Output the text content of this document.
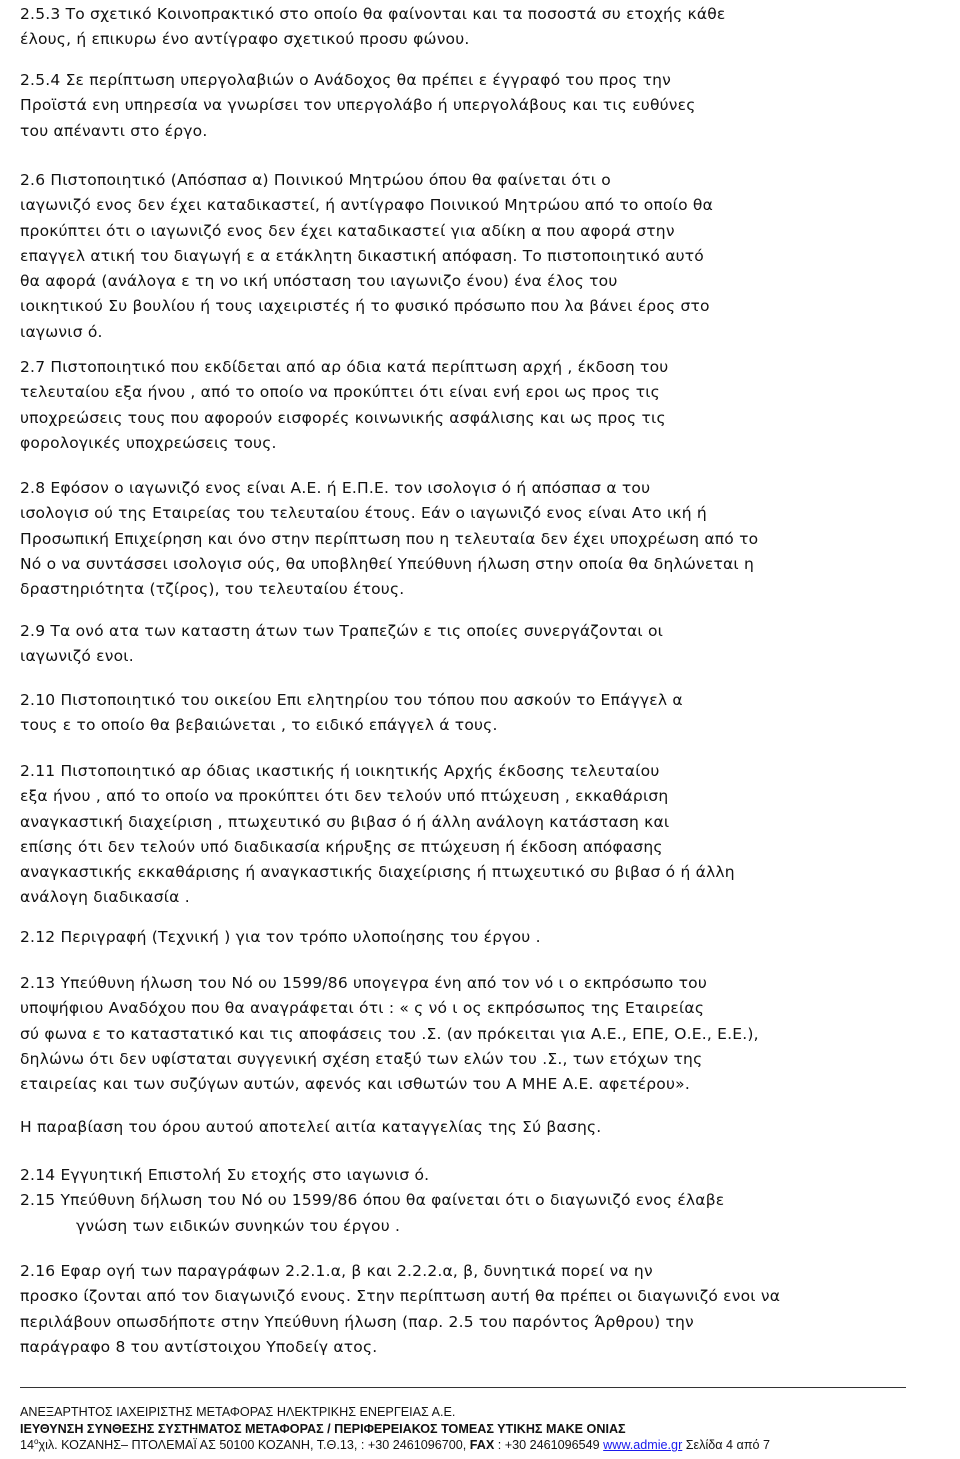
2.5.3 Το σχετικό Κοινοπρακτικό στο οποίο θα φαίνονται και τα ποσοστά συ ετοχής κάθε
έλους, ή επικυρω ένο αντίγραφο σχετικού προσυ φώνου.
2.5.4 Σε περίπτωση υπεργολαβιών ο Ανάδοχος θα πρέπει ε έγγραφό του προς την
Προϊστά ενη υπηρεσία να γνωρίσει τον υπεργολάβο ή υπεργολάβους και τις ευθύνες
του απέναντι στο έργο.
2.6 Πιστοποιητικό (Απόσπασ α) Ποινικού Μητρώου όπου θα φαίνεται ότι ο
ιαγωνιζό ενος δεν έχει καταδικαστεί, ή αντίγραφο Ποινικού Μητρώου από το οποίο θα
προκύπτει ότι ο ιαγωνιζό ενος δεν έχει καταδικαστεί για αδίκη α που αφορά στην
επαγγελ ατική του διαγωγή ε α ετάκλητη δικαστική απόφαση. Το πιστοποιητικό αυτό
θα αφορά (ανάλογα ε τη νο ική υπόσταση του ιαγωνιζο ένου) ένα έλος του
ιοικητικού Συ βουλίου ή τους ιαχειριστές ή το φυσικό πρόσωπο που λα βάνει έρος στο
ιαγωνισ ό.
2.7 Πιστοποιητικό που εκδίδεται από αρ όδια κατά περίπτωση αρχή , έκδοση του
τελευταίου εξα ήνου , από το οποίο να προκύπτει ότι είναι ενή εροι ως προς τις
υποχρεώσεις τους που αφορούν εισφορές κοινωνικής ασφάλισης και ως προς τις
φορολογικές υποχρεώσεις τους.
2.8 Εφόσον ο ιαγωνιζό ενος είναι Α.Ε. ή Ε.Π.Ε. τον ισολογισ ό ή απόσπασ α του
ισολογισ ού της Εταιρείας του τελευταίου έτους. Εάν ο ιαγωνιζό ενος είναι Ατο ική ή
Προσωπική Επιχείρηση και όνο στην περίπτωση που η τελευταία δεν έχει υποχρέωση από το
Νό ο να συντάσσει ισολογισ ούς, θα υποβληθεί Υπεύθυνη ήλωση στην οποία θα δηλώνεται η
δραστηριότητα (τζίρος), του τελευταίου έτους.
2.9 Τα ονό ατα των καταστη άτων των Τραπεζών ε τις οποίες συνεργάζονται οι
ιαγωνιζό ενοι.
2.10 Πιστοποιητικό του οικείου Επι ελητηρίου του τόπου που ασκούν το Επάγγελ α
τους ε το οποίο θα βεβαιώνεται , το ειδικό επάγγελ ά τους.
2.11 Πιστοποιητικό αρ όδιας ικαστικής ή ιοικητικής Αρχής έκδοσης τελευταίου
εξα ήνου , από το οποίο να προκύπτει ότι δεν τελούν υπό πτώχευση , εκκαθάριση
αναγκαστική διαχείριση , πτωχευτικό συ βιβασ ό ή άλλη ανάλογη κατάσταση και
επίσης ότι δεν τελούν υπό διαδικασία κήρυξης σε πτώχευση ή έκδοση απόφασης
αναγκαστικής εκκαθάρισης ή αναγκαστικής διαχείρισης ή πτωχευτικό συ βιβασ ό ή άλλη
ανάλογη διαδικασία .
2.12 Περιγραφή (Τεχνική ) για τον τρόπο υλοποίησης του έργου .
2.13 Υπεύθυνη ήλωση του Νό ου 1599/86 υπογεγρα ένη από τον νό ι ο εκπρόσωπο του
υποψήφιου Αναδόχου που θα αναγράφεται ότι : « ς νό ι ος εκπρόσωπος της Εταιρείας
σύ φωνα ε το καταστατικό και τις αποφάσεις του .Σ. (αν πρόκειται για Α.Ε., ΕΠΕ, Ο.Ε., Ε.Ε.),
δηλώνω ότι δεν υφίσταται συγγενική σχέση εταξύ των ελών του .Σ., των ετόχων της
εταιρείας και των συζύγων αυτών, αφενός και ισθωτών του Α ΜΗΕ Α.Ε. αφετέρου».
Η παραβίαση του όρου αυτού αποτελεί αιτία καταγγελίας της Σύ βασης.
2.14 Εγγυητική Επιστολή Συ ετοχής στο ιαγωνισ ό.
2.15 Υπεύθυνη δήλωση του Νό ου 1599/86 όπου θα φαίνεται ότι ο διαγωνιζό ενος έλαβε
γνώση των ειδικών συνηκών του έργου .
2.16 Εφαρ ογή των παραγράφων 2.2.1.α, β και 2.2.2.α, β, δυνητικά πορεί να ην
προσκο ίζονται από τον διαγωνιζό ενους. Στην περίπτωση αυτή θα πρέπει οι διαγωνιζό ενοι να
περιλάβουν οπωσδήποτε στην Υπεύθυνη ήλωση (παρ. 2.5 του παρόντος Άρθρου) την
παράγραφο 8 του αντίστοιχου Υποδείγ ατος.
ΑΝΕΞΑΡΤΗΤΟΣ ΙΑΧΕΙΡΙΣΤΗΣ ΜΕΤΑΦΟΡΑΣ ΗΛΕΚΤΡΙΚΗΣ ΕΝΕΡΓΕΙΑΣ Α.Ε.
ΙΕΥΘΥΝΣΗ ΣΥΝΘΕΣΗΣ ΣΥΣΤΗΜΑΤΟΣ ΜΕΤΑΦΟΡΑΣ / ΠΕΡΙΦΕΡΕΙΑΚΟΣ ΤΟΜΕΑΣ ΥΤΙΚΗΣ ΜΑΚΕ ΟΝΙΑΣ
$14^o\chi\iota\lambda$. ΚΟΖΑΝΗΣ– ΠΤΟΛΕΜΑΪ ΑΣ 50100 ΚΟΖΑΝΗ, Τ.Θ.13, : +30 2461096700, FAX : +30 2461096549 www.admie.gr Σελίδα 4 από 7
